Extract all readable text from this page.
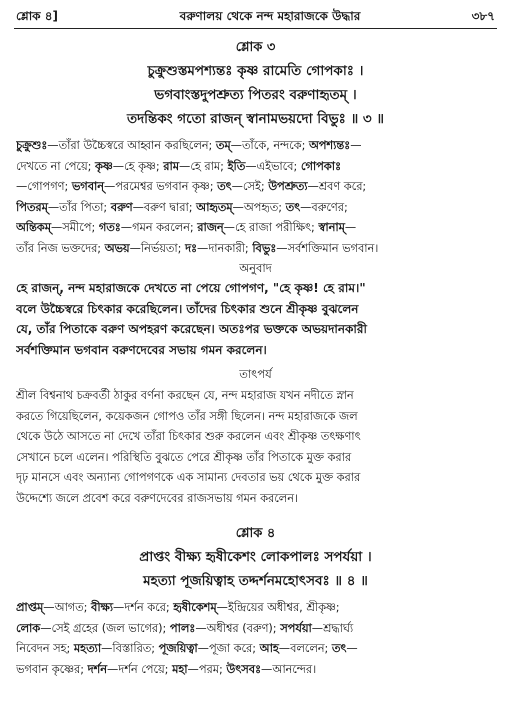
শ্লোক ৪]	বরুণালয় থেকে নন্দ মহারাজকে উদ্ধার	৩৮৭
শ্লোক ৩
চুক্রুশুস্তমপশ্যন্তঃ কৃষ্ণ রামেতি গোপকাঃ ।
ভগবাংস্তদুপশ্রুত্য পিতরং বরুণাহৃতম্ ।
তদন্তিকং গতো রাজন্ স্বানামভয়দো বিভুঃ ॥ ৩ ॥
চুক্রুশুঃ—তাঁরা উচ্চৈস্বরে আহ্বান করছিলেন; তম্—তাঁকে, নন্দকে; অপশ্যন্তঃ—
দেখতে না পেয়ে; কৃষ্ণ—হে কৃষ্ণ; রাম—হে রাম; ইতি—এইভাবে; গোপকাঃ
—গোপগণ; ভগবান্—পরমেশ্বর ভগবান কৃষ্ণ; তৎ—সেই; উপশ্রুত্য—শ্রবণ করে;
পিতরম্—তাঁর পিতা; বরুণ—বরুণ দ্বারা; আহৃতম্—অপহৃত; তৎ—বরুণের;
অন্তিকম্—সমীপে; গতঃ—গমন করলেন; রাজন্—হে রাজা পরীক্ষিৎ; স্বানাম্—
তাঁর নিজ ভক্তদের; অভয়—নির্ভয়তা; দঃ—দানকারী; বিভুঃ—সর্বশক্তিমান ভগবান।
অনুবাদ
হে রাজন্, নন্দ মহারাজকে দেখতে না পেয়ে গোপগণ, "হে কৃষ্ণ! হে রাম।"
বলে উচ্চৈস্বরে চিৎকার করেছিলেন। তাঁদের চিৎকার শুনে শ্রীকৃষ্ণ বুঝলেন
যে, তাঁর পিতাকে বরুণ অপহরণ করেছেন। অতঃপর ভক্তকে অভয়দানকারী
সর্বশক্তিমান ভগবান বরুণদেবের সভায় গমন করলেন।
তাৎপর্য
শ্রীল বিশ্বনাথ চক্রবর্তী ঠাকুর বর্ণনা করছেন যে, নন্দ মহারাজ যখন নদীতে স্নান
করতে গিয়েছিলেন, কয়েকজন গোপও তাঁর সঙ্গী ছিলেন। নন্দ মহারাজকে জল
থেকে উঠে আসতে না দেখে তাঁরা চিৎকার শুরু করলেন এবং শ্রীকৃষ্ণ তৎক্ষণাৎ
সেখানে চলে এলেন। পরিস্থিতি বুঝতে পেরে শ্রীকৃষ্ণ তাঁর পিতাকে মুক্ত করার
দৃঢ় মানসে এবং অন্যান্য গোপগণকে এক সামান্য দেবতার ভয় থেকে মুক্ত করার
উদ্দেশ্যে জলে প্রবেশ করে বরুণদেবের রাজসভায় গমন করলেন।
শ্লোক ৪
প্রাপ্তং বীক্ষ্য হৃষীকেশং লোকপালঃ সপর্যয়া ।
মহত্যা পূজয়িত্বাহ তদ্দর্শনমহোৎসবঃ ॥ ৪ ॥
প্রাপ্তম্—আগত; বীক্ষ্য—দর্শন করে; হৃষীকেশম্—ইন্দ্রিয়ের অধীশ্বর, শ্রীকৃষ্ণ;
লোক—সেই গ্রহের (জল ভাগের); পালঃ—অধীশ্বর (বরুণ); সপর্যয়া—শ্রদ্ধার্ঘ্য
নিবেদন সহ; মহত্যা—বিস্তারিত; পূজয়িত্বা—পূজা করে; আহ—বললেন; তৎ—
ভগবান কৃষ্ণের; দর্শন—দর্শন পেয়ে; মহা—পরম; উৎসবঃ—আনন্দের।
